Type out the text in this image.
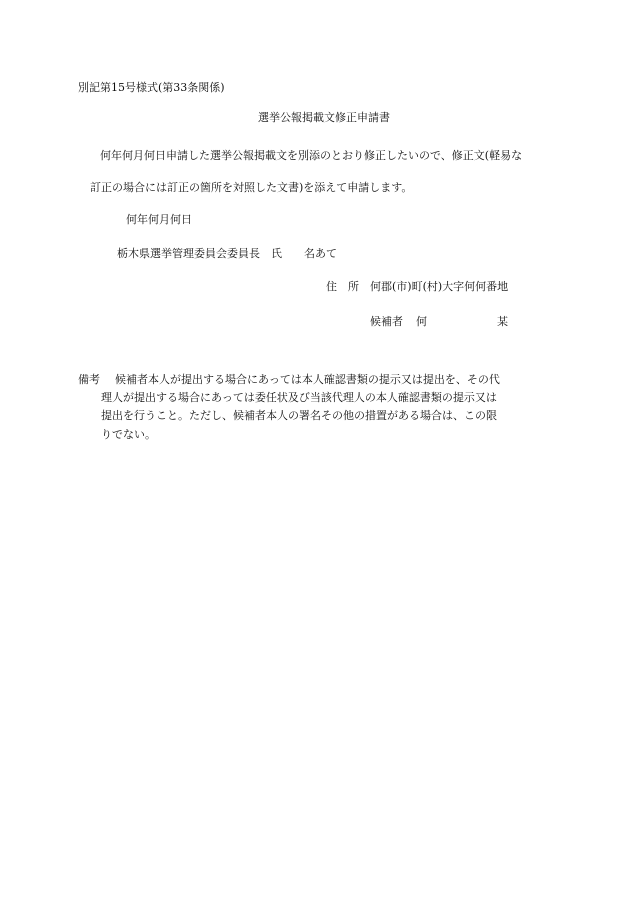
別記第15号様式(第33条関係)
選挙公報掲載文修正申請書
何年何月何日申請した選挙公報掲載文を別添のとおり修正したいので、修正文(軽易な
訂正の場合には訂正の箇所を対照した文書)を添えて申請します。
何年何月何日
栃木県選挙管理委員会委員長　氏　　名あて
住　所 何郡(市)町(村)大字何何番地
候補者 何	某
備考 候補者本人が提出する場合にあっては本人確認書類の提示又は提出を、その代
理人が提出する場合にあっては委任状及び当該代理人の本人確認書類の提示又は
提出を行うこと。ただし、候補者本人の署名その他の措置がある場合は、この限
りでない。
